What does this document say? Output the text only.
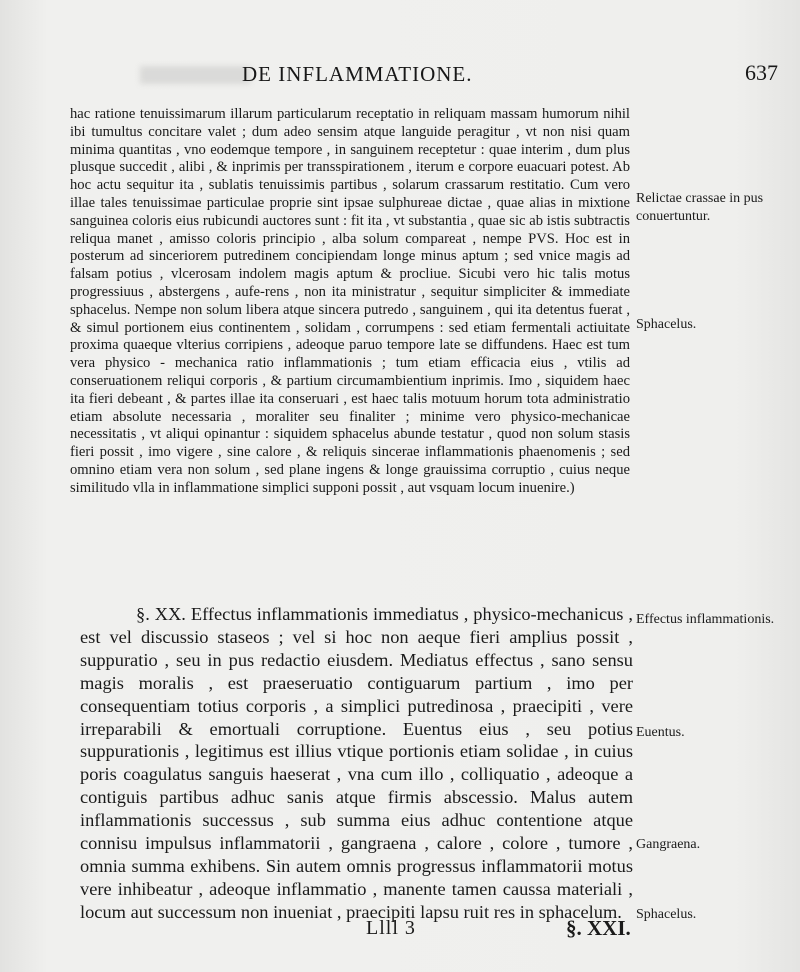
DE INFLAMMATIONE.	637

hac ratione tenuissimarum illarum particularum receptatio in reliquam massam humorum nihil ibi tumultus concitare valet ; dum adeo sensim atque languide peragitur , vt non nisi quam minima quantitas , vno eodemque tempore , in sanguinem receptetur : quae interim , dum plus plusque succedit , alibi , & inprimis per transspirationem , iterum e corpore euacuari potest. Ab hoc actu sequitur ita , sublatis tenuissimis partibus , solarum crassarum restitatio. Cum vero illae tales tenuissimae particulae proprie sint ipsae sulphureae dictae , quae alias in mixtione sanguinea coloris eius rubicundi auctores sunt : fit ita , vt substantia , quae sic ab istis subtractis reliqua manet , amisso coloris principio , alba solum compareat , nempe PVS. Hoc est in posterum ad sinceriorem putredinem concipiendam longe minus aptum ; sed vnice magis ad falsam potius , vlcerosam indolem magis aptum & procliue. Sicubi vero hic talis motus progressiuus , abstergens , aufe-rens , non ita ministratur , sequitur simpliciter & immediate sphacelus. Nempe non solum libera atque sincera putredo , sanguinem , qui ita detentus fuerat , & simul portionem eius continentem , solidam , corrumpens : sed etiam fermentali actiuitate proxima quaeque vlterius corripiens , adeoque paruo tempore late se diffundens. Haec est tum vera physico - mechanica ratio inflammationis ; tum etiam efficacia eius , vtilis ad conseruationem reliqui corporis , & partium circumambientium inprimis. Imo , siquidem haec ita fieri debeant , & partes illae ita conseruari , est haec talis motuum horum tota administratio etiam absolute necessaria , moraliter seu finaliter ; minime vero physico-mechanicae necessitatis , vt aliqui opinantur : siquidem sphacelus abunde testatur , quod non solum stasis fieri possit , imo vigere , sine calore , & reliquis sincerae inflammationis phaenomenis ; sed omnino etiam vera non solum , sed plane ingens & longe grauissima corruptio , cuius neque similitudo vlla in inflammatione simplici supponi possit , aut vsquam locum inuenire.)

§. XX. Effectus inflammationis immediatus , physico-mechanicus , est vel discussio staseos ; vel si hoc non aeque fieri amplius possit , suppuratio , seu in pus redactio eiusdem. Mediatus effectus , sano sensu magis moralis , est praeseruatio contiguarum partium , imo per consequentiam totius corporis , a simplici putredinosa , praecipiti , vere irreparabili & emortuali corruptione. Euentus eius , seu potius suppurationis , legitimus est illius vtique portionis etiam solidae , in cuius poris coagulatus sanguis haeserat , vna cum illo , colliquatio , adeoque a contiguis partibus adhuc sanis atque firmis abscessio. Malus autem inflammationis successus , sub summa eius adhuc contentione atque connisu impulsus inflammatorii , gangraena , calore , colore , tumore , omnia summa exhibens. Sin autem omnis progressus inflammatorii motus vere inhibeatur , adeoque inflammatio , manente tamen caussa materiali , locum aut successum non inueniat , praecipiti lapsu ruit res in sphacelum.

Relictae crassae in pus conuertuntur.
Sphacelus.
Effectus inflammationis.
Euentus.
Gangraena.
Sphacelus.
Llll 3	§. XXI.
